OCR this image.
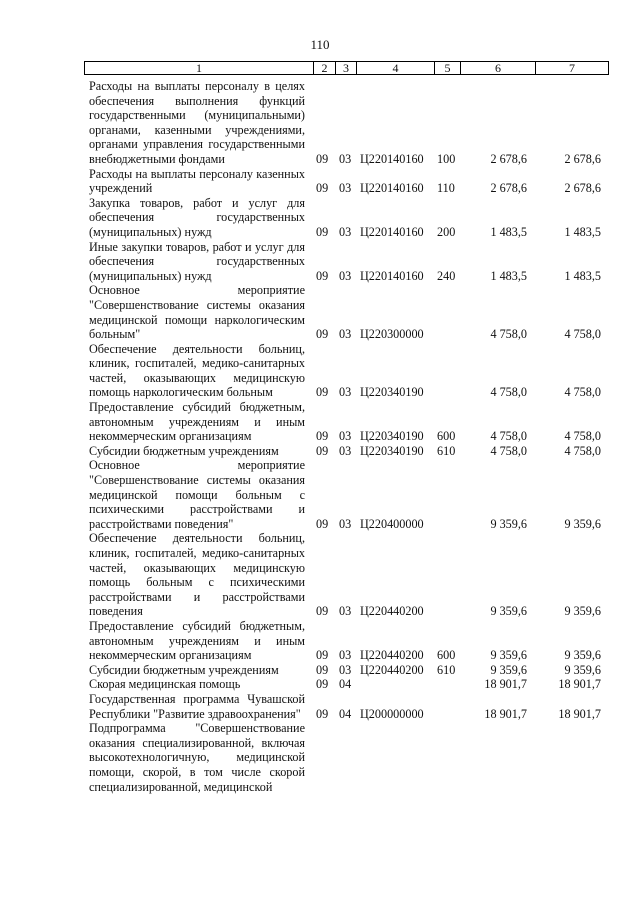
110
1	2	3	4	5	6	7
Расходы на выплаты персоналу в целях обеспечения выполнения функций государственными (муниципальными) органами, казенными учреждениями, органами управления государственными внебюджетными фондами	09 03 Ц220140160 100	2 678,6	2 678,6
Расходы на выплаты персоналу казенных учреждений	09 03 Ц220140160 110	2 678,6	2 678,6
Закупка товаров, работ и услуг для обеспечения государственных (муниципальных) нужд	09 03 Ц220140160 200	1 483,5	1 483,5
Иные закупки товаров, работ и услуг для обеспечения государственных (муниципальных) нужд	09 03 Ц220140160 240	1 483,5	1 483,5
Основное мероприятие "Совершенствование системы оказания медицинской помощи наркологическим больным"	09 03 Ц220300000	4 758,0	4 758,0
Обеспечение деятельности больниц, клиник, госпиталей, медико-санитарных частей, оказывающих медицинскую помощь наркологическим больным	09 03 Ц220340190	4 758,0	4 758,0
Предоставление субсидий бюджетным, автономным учреждениям и иным некоммерческим организациям	09 03 Ц220340190 600	4 758,0	4 758,0
Субсидии бюджетным учреждениям	09 03 Ц220340190 610	4 758,0	4 758,0
Основное мероприятие "Совершенствование системы оказания медицинской помощи больным с психическими расстройствами и расстройствами поведения"	09 03 Ц220400000	9 359,6	9 359,6
Обеспечение деятельности больниц, клиник, госпиталей, медико-санитарных частей, оказывающих медицинскую помощь больным с психическими расстройствами и расстройствами поведения	09 03 Ц220440200	9 359,6	9 359,6
Предоставление субсидий бюджетным, автономным учреждениям и иным некоммерческим организациям	09 03 Ц220440200 600	9 359,6	9 359,6
Субсидии бюджетным учреждениям	09 03 Ц220440200 610	9 359,6	9 359,6
Скорая медицинская помощь	09 04	18 901,7	18 901,7
Государственная программа Чувашской Республики "Развитие здравоохранения"	09 04 Ц200000000	18 901,7	18 901,7
Подпрограмма "Совершенствование оказания специализированной, включая высокотехнологичную, медицинской помощи, скорой, в том числе скорой специализированной, медицинской
